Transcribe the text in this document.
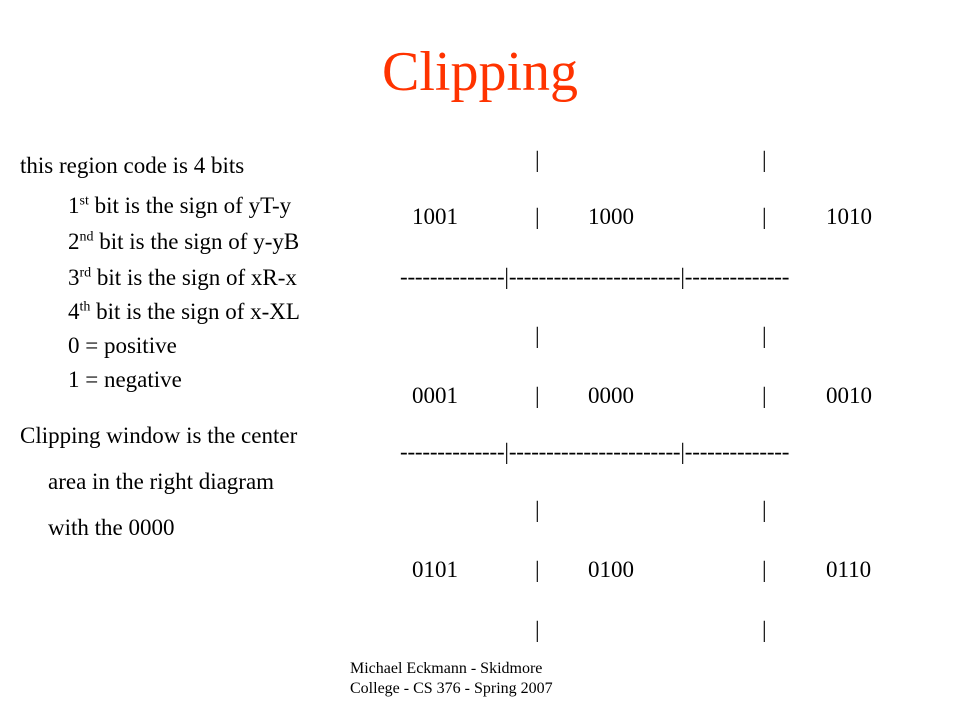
Clipping
this region code is 4 bits
1st bit is the sign of yT-y
2nd bit is the sign of y-yB
3rd bit is the sign of xR-x
4th bit is the sign of x-XL
0 = positive
1 = negative
Clipping window is the center
area in the right diagram
with the 0000
|	|
1001	| 1000	|	1010
--------------|-----------------------|--------------
|	|
0001	| 0000	|	0010
--------------|-----------------------|--------------
|	|
0101	| 0100	|	0110
|	|
Michael Eckmann - Skidmore
College - CS 376 - Spring 2007
